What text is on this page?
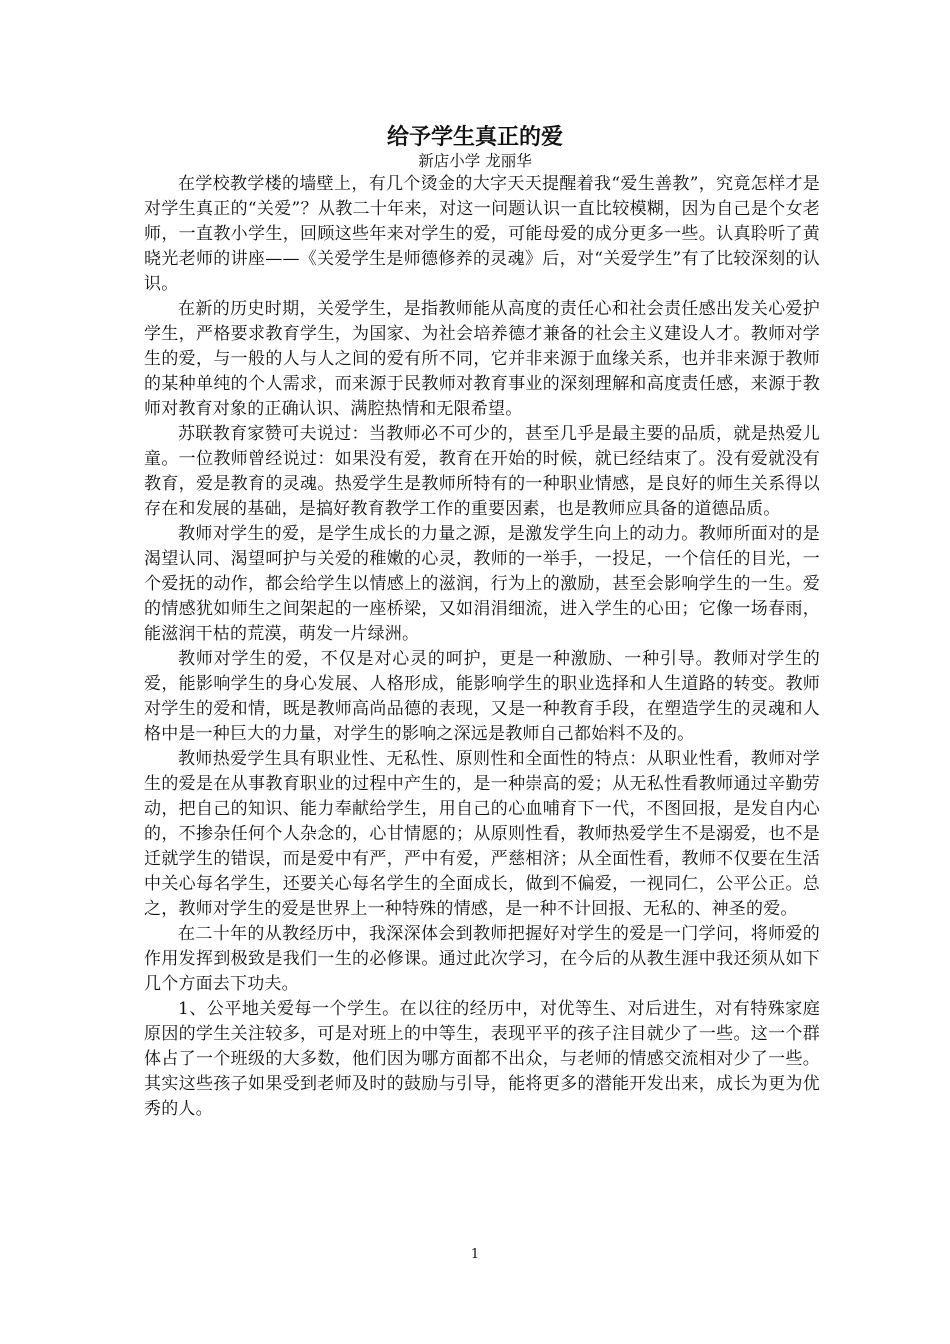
给予学生真正的爱
新店小学 龙丽华

在学校教学楼的墙壁上，有几个烫金的大字天天提醒着我“爱生善教”，究竟怎样才是对学生真正的“关爱”？从教二十年来，对这一问题认识一直比较模糊，因为自己是个女老师，一直教小学生，回顾这些年来对学生的爱，可能母爱的成分更多一些。认真聆听了黄晓光老师的讲座——《关爱学生是师德修养的灵魂》后，对“关爱学生”有了比较深刻的认识。

在新的历史时期，关爱学生，是指教师能从高度的责任心和社会责任感出发关心爱护学生，严格要求教育学生，为国家、为社会培养德才兼备的社会主义建设人才。教师对学生的爱，与一般的人与人之间的爱有所不同，它并非来源于血缘关系，也并非来源于教师的某种单纯的个人需求，而来源于民教师对教育事业的深刻理解和高度责任感，来源于教师对教育对象的正确认识、满腔热情和无限希望。

苏联教育家赞可夫说过：当教师必不可少的，甚至几乎是最主要的品质，就是热爱儿童。一位教师曾经说过：如果没有爱，教育在开始的时候，就已经结束了。没有爱就没有教育，爱是教育的灵魂。热爱学生是教师所特有的一种职业情感，是良好的师生关系得以存在和发展的基础，是搞好教育教学工作的重要因素，也是教师应具备的道德品质。

教师对学生的爱，是学生成长的力量之源，是激发学生向上的动力。教师所面对的是渴望认同、渴望呵护与关爱的稚嫩的心灵，教师的一举手，一投足，一个信任的目光，一个爱抚的动作，都会给学生以情感上的滋润，行为上的激励，甚至会影响学生的一生。爱的情感犹如师生之间架起的一座桥梁，又如涓涓细流，进入学生的心田；它像一场春雨，能滋润干枯的荒漠，萌发一片绿洲。

教师对学生的爱，不仅是对心灵的呵护，更是一种激励、一种引导。教师对学生的爱，能影响学生的身心发展、人格形成，能影响学生的职业选择和人生道路的转变。教师对学生的爱和情，既是教师高尚品德的表现，又是一种教育手段，在塑造学生的灵魂和人格中是一种巨大的力量，对学生的影响之深远是教师自己都始料不及的。

教师热爱学生具有职业性、无私性、原则性和全面性的特点：从职业性看，教师对学生的爱是在从事教育职业的过程中产生的，是一种崇高的爱；从无私性看教师通过辛勤劳动，把自己的知识、能力奉献给学生，用自己的心血哺育下一代，不图回报，是发自内心的，不掺杂任何个人杂念的，心甘情愿的；从原则性看，教师热爱学生不是溺爱，也不是迁就学生的错误，而是爱中有严，严中有爱，严慈相济；从全面性看，教师不仅要在生活中关心每名学生，还要关心每名学生的全面成长，做到不偏爱，一视同仁，公平公正。总之，教师对学生的爱是世界上一种特殊的情感，是一种不计回报、无私的、神圣的爱。

在二十年的从教经历中，我深深体会到教师把握好对学生的爱是一门学问，将师爱的作用发挥到极致是我们一生的必修课。通过此次学习，在今后的从教生涯中我还须从如下几个方面去下功夫。

1、公平地关爱每一个学生。在以往的经历中，对优等生、对后进生，对有特殊家庭原因的学生关注较多，可是对班上的中等生，表现平平的孩子注目就少了一些。这一个群体占了一个班级的大多数，他们因为哪方面都不出众，与老师的情感交流相对少了一些。其实这些孩子如果受到老师及时的鼓励与引导，能将更多的潜能开发出来，成长为更为优秀的人。

1
